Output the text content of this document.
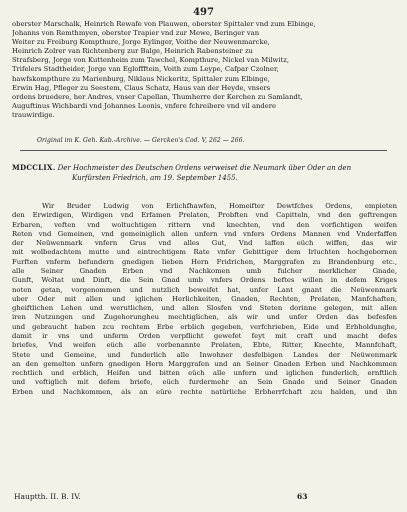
497
oberster Marschalk, Heinrich Rewafe von Plauwen, oberster Spittaler vnd zum Elbinge,
Johanns von Remthmyen, oberster Trapier vnd zur Mewe, Beringer van
Weiter zu Freiburg Kompthure, Jorge Eylinger, Voithe der Neuwenmarcke,
Heinrich Zolrer van Richtenberg zur Balge, Heinrich Rabensteiner zu
Strafsberg, Jorge von Kuttenheim zum Tawchel, Kompthure, Nickel van Milwitz,
Trifelers Stadtheider, Jorge van Egloffftein, Voith zum Leype, Cafpar Czolner,
hawfskompthure zu Marienburg, Niklaus Nickeritz, Spittaler zum Elbinge,
Erwin Hag, Pfleger zu Seestem, Claus Schatz, Haus van der Heyde, vnsers
ordens bruedere, her Andres, vnser Capellan, Thumherre der Kerchen zu Samlandt,
Auguftinus Wichbardi vnd Johannes Leonis, vnfere fchreibere vnd vil andere
trauwirdige.
Original im K. Geh. Kab.-Archive. — Gercken's Cod. V, 262 — 266.
MDCCLIX. Der Hochmeister des Deutschen Ordens verweiset die Neumark über Oder an den
Kurfürsten Friedrich, am 19. September 1455.
Wir Bruder Ludwig von Erlichfhawfen, Homeifter Dewtfches Ordens, empieten
den Erwirdigen, Wirdigen vnd Erfamen Prelaten, Probften vnd Capitteln, vnd den geftrengen
Erbaren, veften vnd woltuchtigen rittern vnd knechten, vnd den vorfichtigen weifen
Reten vnd Gemeinen, vnd gemeiniglich allen unfern vnd vnfers Ordens Mannen vnd Vnderfaffen
der Neüwenmark vnfern Grus vnd alles Gut, Vnd laffen eüch wiffen, das wir
mit wolbedachtem mutte und eintrechtigem Rate vnfer Gebittiger dem Irluchten hochgebornen
Furften vnferm befundern gnedigen lieben Hern Fridrichen, Marggrafen zu Brandenburg etc.,
alle Seiner Gnaden Erben vnd Nachkomen umb fulcher merklicher Gnade,
Gunft, Woltat und Dinft, die Sein Gnad umb vnfers Ordens beftes willen in defem Kriges
noten getan, vorgenommen und nutzlich beweifet hat, unfer Lant gnant die Neüwenmark
uber Oder mit allen und iglichen Herlichkeiten, Gnaden, Rechten, Prelaten, Manfchaften,
gheiftlichen Lehen und werutlichen, und allen Slosfen vnd Steten dorinne gelegen, mit allen
iren Nutzungen und Zugehorungheu mechtiglichen, als wir und unfer Orden das befesfen
und gebraucht haben zcu rechtem Erbe erblich gegeben, verfchrieben, Eide und Erbholdunghe,
damit ir vns und unferm Orden verpflicht gewefet feyt mit craft und macht defes
briefes, Vnd weifen eüch alle vorbenannte Prelaten, Ebte, Ritter, Knechte, Mannfchaft,
Stete und Gemeine, und funderlich alle Inwohner desfelbigen Landes der Neüwenmark
an den gemelten unfern gnedigen Hern Marggrafen und an Seiner Gnaden Erben und Nachkommen
rechtlich und erblich, Heifen und bitten eüch alle unfern und iglichen funderlich, ernftlich
und veftiglich mit defem briefe, eüch furdermehr an Sein Gnade und Seiner Gnaden
Erben und Nachkommen, als an eüre rechte natürliche Erbherrfchaft zcu halden, und ihn
Hauptth. II. B. IV.	63
